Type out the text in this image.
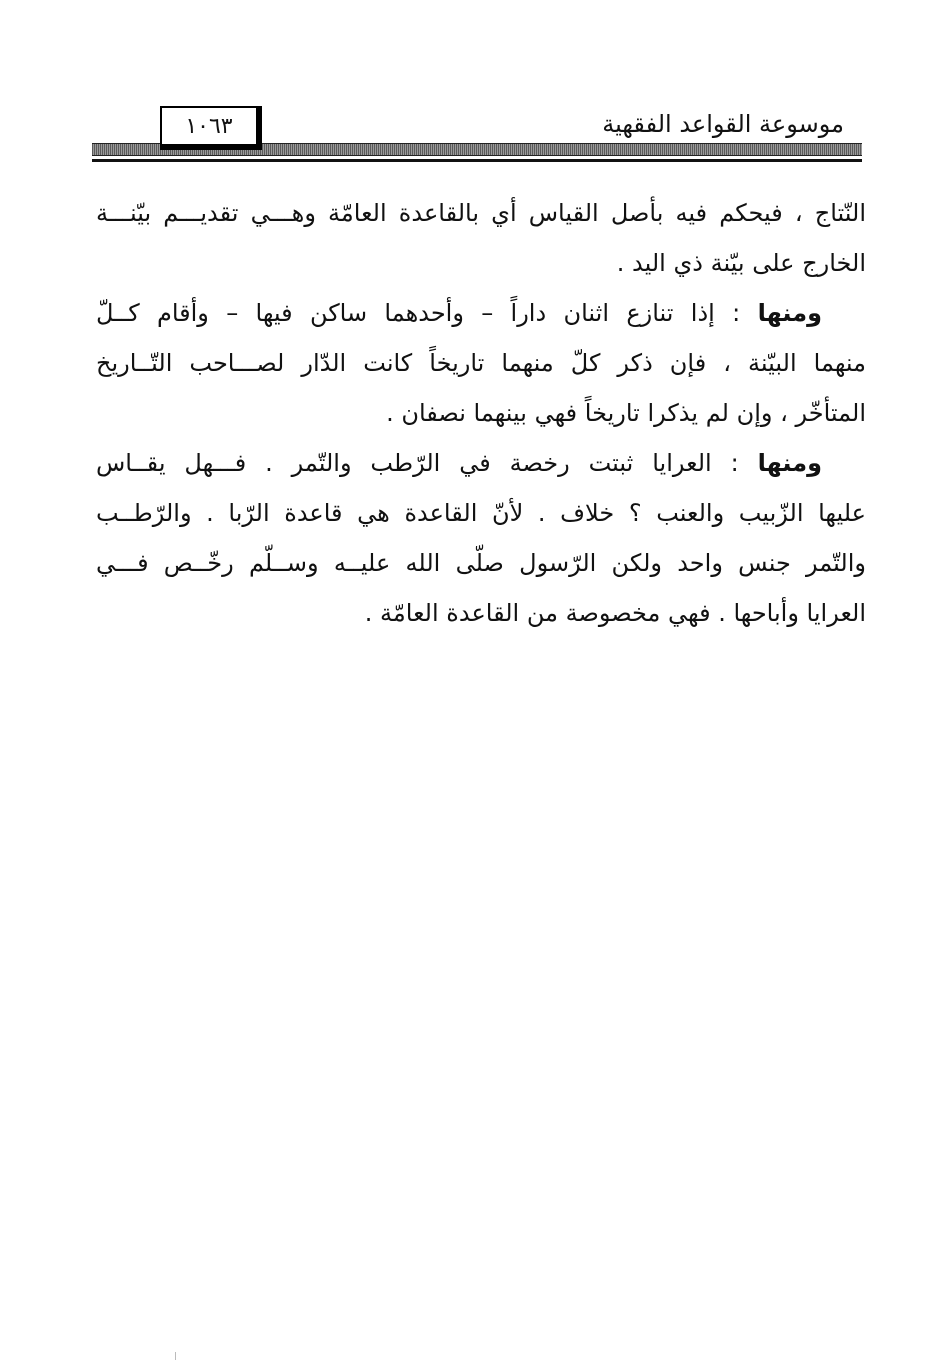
موسوعة القواعد الفقهية
١٠٦٣
النّتاج ، فيحكم فيه بأصل القياس أي بالقاعدة العامّة وهـــي تقديـــم بيّنـــة
الخارج على بيّنة ذي اليد .
ومنها : إذا تنازع اثنان داراً – وأحدهما ساكن فيها – وأقام كــلّ
منهما البيّنة ، فإن ذكر كلّ منهما تاريخاً كانت الدّار لصـــاحب التّــاريخ
المتأخّر ، وإن لم يذكرا تاريخاً فهي بينهما نصفان .
ومنها : العرايا ثبتت رخصة في الرّطب والتّمر . فـــهل يقــاس
عليها الزّبيب والعنب ؟ خلاف . لأنّ القاعدة هي قاعدة الرّبا . والرّطــب
والتّمر جنس واحد ولكن الرّسول صلّى الله عليــه وســلّم رخّــص فـــي
العرايا وأباحها . فهي مخصوصة من القاعدة العامّة .
